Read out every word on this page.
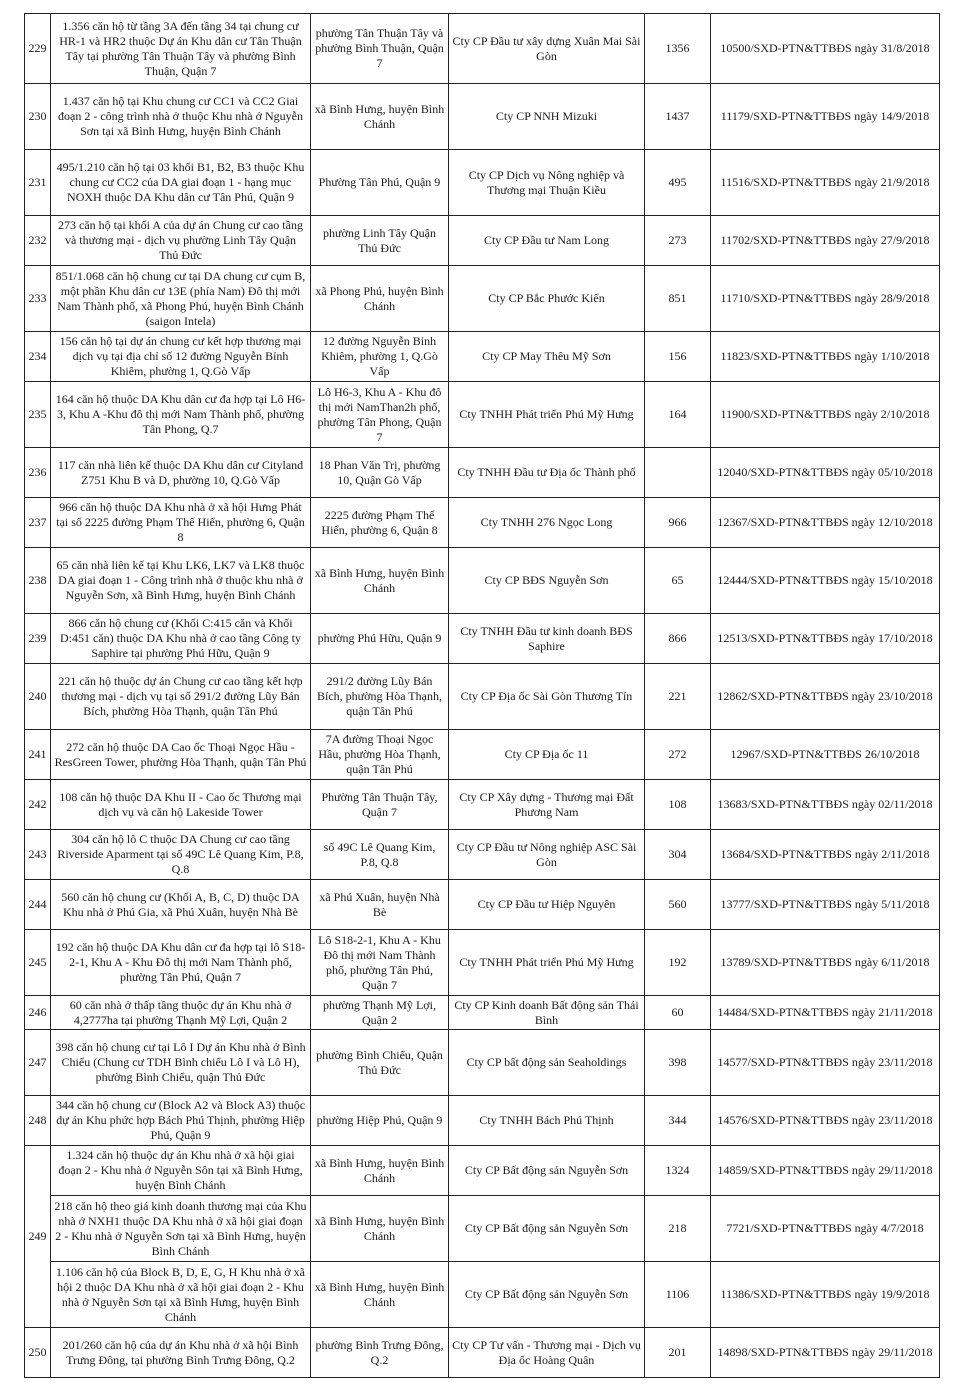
229	1.356 căn hộ từ tầng 3A đến tầng 34 tại chung cư HR-1 và HR2 thuộc Dự án Khu dân cư Tân Thuận Tây tại phường Tân Thuận Tây và phường Bình Thuận, Quận 7	phường Tân Thuận Tây và phường Bình Thuận, Quận 7	Cty CP Đầu tư xây dựng Xuân Mai Sài Gòn	1356	10500/SXD-PTN&TTBĐS ngày 31/8/2018
230	1.437 căn hộ tại Khu chung cư CC1 và CC2 Giai đoạn 2 - công trình nhà ở thuộc Khu nhà ở Nguyễn Sơn tại xã Bình Hưng, huyện Bình Chánh	xã Bình Hưng, huyện Bình Chánh	Cty CP NNH Mizuki	1437	11179/SXD-PTN&TTBĐS ngày 14/9/2018
231	495/1.210 căn hộ tại 03 khối B1, B2, B3 thuộc Khu chung cư CC2 của DA giai đoạn 1 - hạng mục NOXH thuộc DA Khu dân cư Tân Phú, Quận 9	Phường Tân Phú, Quận 9	Cty CP Dịch vụ Nông nghiệp và Thương mại Thuận Kiều	495	11516/SXD-PTN&TTBĐS ngày 21/9/2018
232	273 căn hộ tại khối A của dự án Chung cư cao tầng và thương mại - dịch vụ phường Linh Tây Quận Thủ Đức	phường Linh Tây Quận Thủ Đức	Cty CP Đầu tư Nam Long	273	11702/SXD-PTN&TTBĐS ngày 27/9/2018
233	851/1.068 căn hộ chung cư tại DA chung cư cụm B, một phần Khu dân cư 13E (phía Nam) Đô thị mới Nam Thành phố, xã Phong Phú, huyện Bình Chánh (saigon Intela)	xã Phong Phú, huyện Bình Chánh	Cty CP Bắc Phước Kiển	851	11710/SXD-PTN&TTBĐS ngày 28/9/2018
234	156 căn hộ tại dự án chung cư kết hợp thương mại dịch vụ tại địa chỉ số 12 đường Nguyễn Bỉnh Khiêm, phường 1, Q.Gò Vấp	12 đường Nguyễn Bỉnh Khiêm, phường 1, Q.Gò Vấp	Cty CP May Thêu Mỹ Sơn	156	11823/SXD-PTN&TTBĐS ngày 1/10/2018
235	164 căn hộ thuộc DA Khu dân cư đa hợp tại Lô H6-3, Khu A -Khu đô thị mới Nam Thành phố, phường Tân Phong, Q.7	Lô H6-3, Khu A - Khu đô thị mới NamThan2h phố, phường Tân Phong, Quận 7	Cty TNHH Phát triển Phú Mỹ Hưng	164	11900/SXD-PTN&TTBĐS ngày 2/10/2018
236	117 căn nhà liên kế thuộc DA Khu dân cư Cityland Z751 Khu B và D, phường 10, Q.Gò Vấp	18 Phan Văn Trị, phường 10, Quận Gò Vấp	Cty TNHH Đầu tư Địa ốc Thành phố		12040/SXD-PTN&TTBĐS ngày 05/10/2018
237	966 căn hộ thuộc DA Khu nhà ở xã hội Hưng Phát tại số 2225 đường Phạm Thế Hiển, phường 6, Quận 8	2225 đường Phạm Thế Hiển, phường 6, Quận 8	Cty TNHH 276 Ngọc Long	966	12367/SXD-PTN&TTBĐS ngày 12/10/2018
238	65 căn nhà liên kế tại Khu LK6, LK7 và LK8 thuộc DA giai đoạn 1 - Công trình nhà ở thuộc khu nhà ở Nguyễn Sơn, xã Bình Hưng, huyện Bình Chánh	xã Bình Hưng, huyện Bình Chánh	Cty CP BĐS Nguyễn Sơn	65	12444/SXD-PTN&TTBĐS ngày 15/10/2018
239	866 căn hộ chung cư (Khối C:415 căn và Khối D:451 căn) thuộc DA Khu nhà ở cao tầng Công ty Saphire tại phường Phú Hữu, Quận 9	phường Phú Hữu, Quận 9	Cty TNHH Đầu tư kinh doanh BĐS Saphire	866	12513/SXD-PTN&TTBĐS ngày 17/10/2018
240	221 căn hộ thuộc dự án Chung cư cao tầng kết hợp thương mại - dịch vụ tại số 291/2 đường Lũy Bán Bích, phường Hòa Thạnh, quận Tân Phú	291/2 đường Lũy Bán Bích, phường Hòa Thạnh, quận Tân Phú	Cty CP Địa ốc Sài Gòn Thương Tín	221	12862/SXD-PTN&TTBĐS ngày 23/10/2018
241	272 căn hộ thuộc DA Cao ốc Thoại Ngọc Hầu - ResGreen Tower, phường Hòa Thạnh, quận Tân Phú	7A đường Thoại Ngọc Hầu, phường Hòa Thạnh, quận Tân Phú	Cty CP Địa ốc 11	272	12967/SXD-PTN&TTBĐS 26/10/2018
242	108 căn hộ thuộc DA Khu II - Cao ốc Thương mại dịch vụ và căn hộ Lakeside Tower	Phường Tân Thuận Tây, Quận 7	Cty CP Xây dựng - Thương mại Đất Phương Nam	108	13683/SXD-PTN&TTBĐS ngày 02/11/2018
243	304 căn hộ lô C thuộc DA Chung cư cao tầng Riverside Aparment tại số 49C Lê Quang Kim, P.8, Q.8	số 49C Lê Quang Kim, P.8, Q.8	Cty CP Đầu tư Nông nghiệp ASC Sài Gòn	304	13684/SXD-PTN&TTBĐS ngày 2/11/2018
244	560 căn hộ chung cư (Khối A, B, C, D) thuộc DA Khu nhà ở Phú Gia, xã Phú Xuân, huyện Nhà Bè	xã Phú Xuân, huyện Nhà Bè	Cty CP Đầu tư Hiệp Nguyên	560	13777/SXD-PTN&TTBĐS ngày 5/11/2018
245	192 căn hộ thuộc DA Khu dân cư đa hợp tại lô S18-2-1, Khu A - Khu Đô thị mới Nam Thành phố, phường Tân Phú, Quận 7	Lô S18-2-1, Khu A - Khu Đô thị mới Nam Thành phố, phường Tân Phú, Quận 7	Cty TNHH Phát triển Phú Mỹ Hưng	192	13789/SXD-PTN&TTBĐS ngày 6/11/2018
246	60 căn nhà ở thấp tầng thuộc dự án Khu nhà ở 4,2777ha tại phường Thạnh Mỹ Lợi, Quận 2	phường Thạnh Mỹ Lợi, Quận 2	Cty CP Kinh doanh Bất động sản Thái Bình	60	14484/SXD-PTN&TTBĐS ngày 21/11/2018
247	398 căn hộ chung cư tại Lô I Dự án Khu nhà ở Bình Chiểu (Chung cư TDH Bình chiểu Lô I và Lô H), phường Bình Chiểu, quận Thủ Đức	phường Bình Chiểu, Quận Thủ Đức	Cty CP bất động sản Seaholdings	398	14577/SXD-PTN&TTBĐS ngày 23/11/2018
248	344 căn hộ chung cư (Block A2 và Block A3) thuộc dự án Khu phức hợp Bách Phú Thịnh, phường Hiệp Phú, Quận 9	phường Hiệp Phú, Quận 9	Cty TNHH Bách Phú Thịnh	344	14576/SXD-PTN&TTBĐS ngày 23/11/2018
249	1.324 căn hộ thuộc dự án Khu nhà ở xã hội giai đoạn 2 - Khu nhà ở Nguyễn Sôn tại xã Bình Hưng, huyện Bình Chánh	xã Bình Hưng, huyện Bình Chánh	Cty CP Bất động sản Nguyễn Sơn	1324	14859/SXD-PTN&TTBĐS ngày 29/11/2018
	218 căn hộ theo giá kinh doanh thương mại của Khu nhà ở NXH1 thuộc DA Khu nhà ở xã hội giai đoạn 2 - Khu nhà ở Nguyễn Sơn tại xã Bình Hưng, huyện Bình Chánh	xã Bình Hưng, huyện Bình Chánh	Cty CP Bất động sản Nguyễn Sơn	218	7721/SXD-PTN&TTBĐS ngày 4/7/2018
	1.106 căn hộ của Block B, D, E, G, H Khu nhà ở xã hội 2 thuộc DA Khu nhà ở xã hội giai đoạn 2 - Khu nhà ở Nguyễn Sơn tại xã Bình Hưng, huyện Bình Chánh	xã Bình Hưng, huyện Bình Chánh	Cty CP Bất động sản Nguyễn Sơn	1106	11386/SXD-PTN&TTBĐS ngày 19/9/2018
250	201/260 căn hộ của dự án Khu nhà ở xã hội Bình Trưng Đông, tại phường Bình Trưng Đông, Q.2	phường Bình Trưng Đông, Q.2	Cty CP Tư vấn - Thương mại - Dịch vụ Địa ốc Hoàng Quân	201	14898/SXD-PTN&TTBĐS ngày 29/11/2018
